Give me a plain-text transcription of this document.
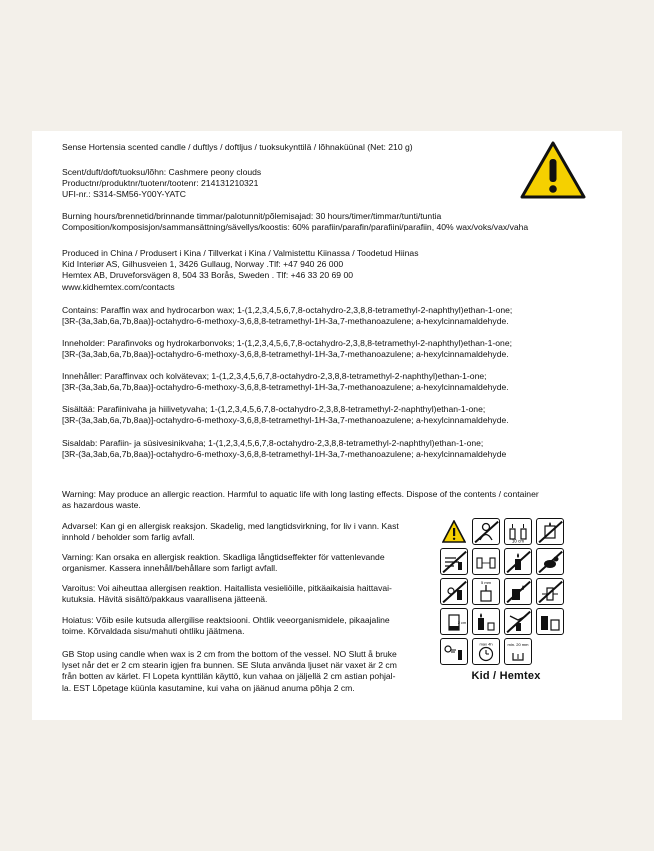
Sense Hortensia scented candle / duftlys / doftljus / tuoksukynttilä / lõhnaküünal (Net: 210 g)

Scent/duft/doft/tuoksu/lõhn: Cashmere peony clouds
Productnr/produktnr/tuotenr/tootenr: 214131210321
UFI-nr.: S314-SM56-Y00Y-YATC

Burning hours/brennetid/brinnande timmar/palotunnit/põlemisajad: 30 hours/timer/timmar/tunti/tuntia
Composition/komposisjon/sammansättning/sävellys/koostis: 60% parafiin/parafin/parafiini/parafiin, 40% wax/voks/vax/vaha

Produced in China / Produsert i Kina / Tillverkat i Kina / Valmistettu Kiinassa / Toodetud Hiinas
Kid Interiør AS, Gilhusveien 1, 3426 Gullaug, Norway .Tlf: +47 940 26 000
Hemtex AB, Druveforsvägen 8, 504 33 Borås, Sweden . Tlf: +46 33 20 69 00
www.kidhemtex.com/contacts

Contains: Paraffin wax and hydrocarbon wax; 1-(1,2,3,4,5,6,7,8-octahydro-2,3,8,8-tetramethyl-2-naphthyl)ethan-1-one;
[3R-(3a,3ab,6a,7b,8aa)]-octahydro-6-methoxy-3,6,8,8-tetramethyl-1H-3a,7-methanoazulene; a-hexylcinnamaldehyde.

Inneholder: Parafinvoks og hydrokarbonvoks; 1-(1,2,3,4,5,6,7,8-octahydro-2,3,8,8-tetramethyl-2-naphthyl)ethan-1-one;
[3R-(3a,3ab,6a,7b,8aa)]-octahydro-6-methoxy-3,6,8,8-tetramethyl-1H-3a,7-methanoazulene; a-hexylcinnamaldehyde.

Innehåller: Paraffinvax och kolvätevax; 1-(1,2,3,4,5,6,7,8-octahydro-2,3,8,8-tetramethyl-2-naphthyl)ethan-1-one;
[3R-(3a,3ab,6a,7b,8aa)]-octahydro-6-methoxy-3,6,8,8-tetramethyl-1H-3a,7-methanoazulene; a-hexylcinnamaldehyde.

Sisältää: Parafiinivaha ja hiilivetyvaha; 1-(1,2,3,4,5,6,7,8-octahydro-2,3,8,8-tetramethyl-2-naphthyl)ethan-1-one;
[3R-(3a,3ab,6a,7b,8aa)]-octahydro-6-methoxy-3,6,8,8-tetramethyl-1H-3a,7-methanoazulene; a-hexylcinnamaldehyde.

Sisaldab: Parafiin- ja süsivesinikvaha; 1-(1,2,3,4,5,6,7,8-octahydro-2,3,8,8-tetramethyl-2-naphthyl)ethan-1-one;
[3R-(3a,3ab,6a,7b,8aa)]-octahydro-6-methoxy-3,6,8,8-tetramethyl-1H-3a,7-methanoazulene; a-hexylcinnamaldehyde

Warning: May produce an allergic reaction. Harmful to aquatic life with long lasting effects. Dispose of the contents / container
as hazardous waste.

Advarsel: Kan gi en allergisk reaksjon. Skadelig, med langtidsvirkning, for liv i vann. Kast
innhold / beholder som farlig avfall.

Varning: Kan orsaka en allergisk reaktion. Skadliga långtidseffekter för vattenlevande
organismer. Kassera innehåll/behållare som farligt avfall.

Varoitus: Voi aiheuttaa allergisen reaktion. Haitallista vesieliöille, pitkäaikaisia haittavai-
kutuksia. Hävitä sisältö/pakkaus vaarallisena jätteenä.

Hoiatus: Võib esile kutsuda allergilise reaktsiooni. Ohtlik veeorganismidele, pikaajaline
toime. Kõrvaldada sisu/mahuti ohtliku jäätmena.

GB Stop using candle when wax is 2 cm from the bottom of the vessel. NO Slutt å bruke
lyset når det er 2 cm stearin igjen fra bunnen. SE Sluta använda ljuset när vaxet är 2 cm
från botten av kärlet. FI Lopeta kynttilän käyttö, kun vahaa on jäljellä 2 cm astian pohjal-
la. EST Lõpetage küünla kasutamine, kui vaha on jäänud anuma põhja 2 cm.

10 cm
5 mm
2 cm
max 4h	min. 20 mm
Kid / Hemtex
